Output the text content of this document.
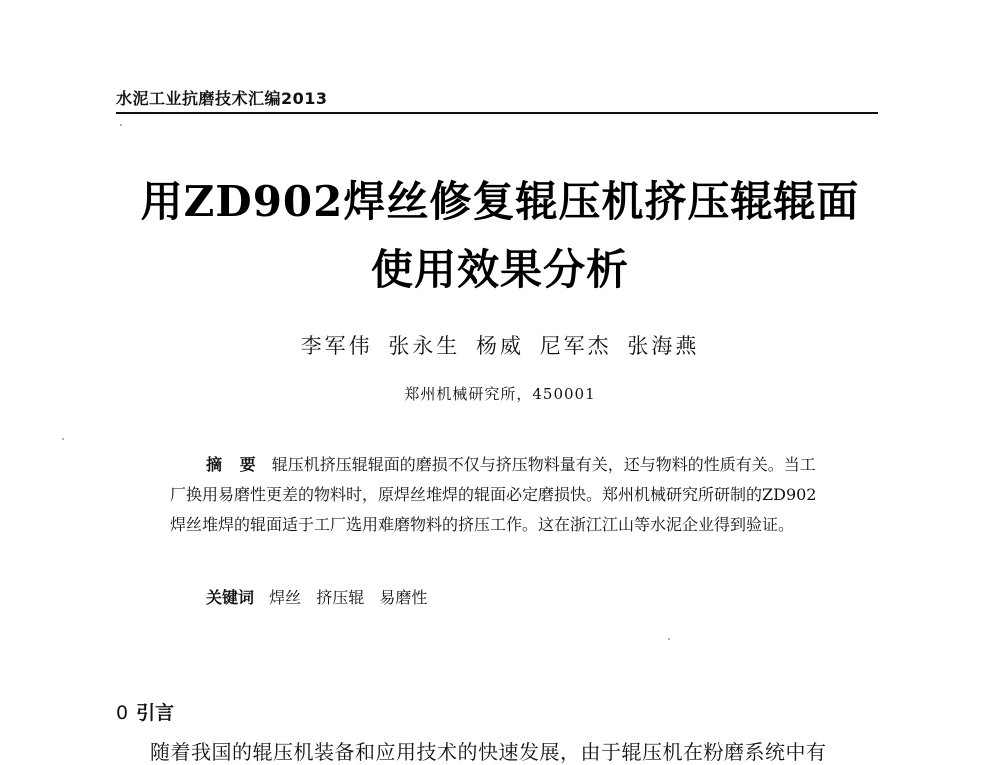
水泥工业抗磨技术汇编2013
用ZD902焊丝修复辊压机挤压辊辊面
使用效果分析
李军伟 张永生 杨威 尼军杰 张海燕
郑州机械研究所，450001

摘 要 辊压机挤压辊辊面的磨损不仅与挤压物料量有关，还与物料的性质有关。当工厂换用易磨性更差的物料时，原焊丝堆焊的辊面必定磨损快。郑州机械研究所研制的ZD902焊丝堆焊的辊面适于工厂选用难磨物料的挤压工作。这在浙江江山等水泥企业得到验证。

关键词 焊丝 挤压辊 易磨性
0 引言
随着我国的辊压机装备和应用技术的快速发展，由于辊压机在粉磨系统中有
